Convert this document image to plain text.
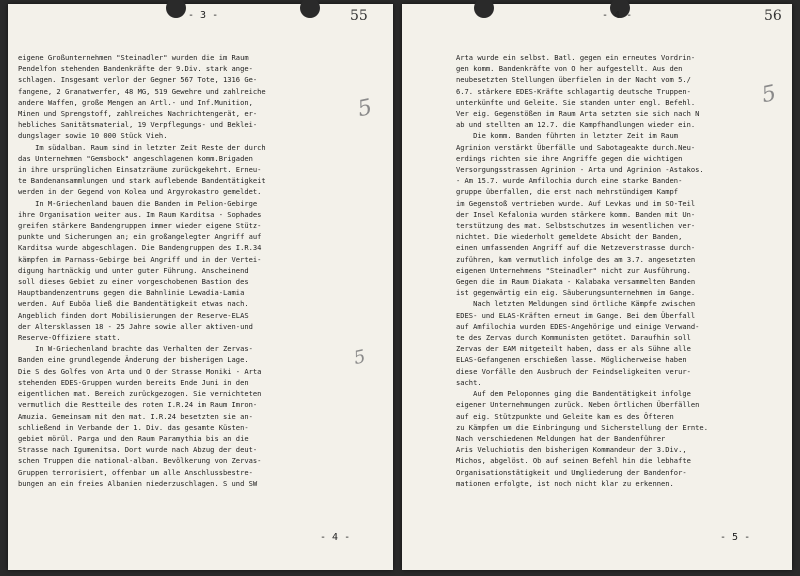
- 3 -	55
5
5

eigene Großunternehmen "Steinadler" wurden die im Raum

Pendelfon stehenden Bandenkräfte der 9.Div. stark ange-

schlagen. Insgesamt verlor der Gegner 567 Tote, 1316 Ge-

fangene, 2 Granatwerfer, 48 MG, 519 Gewehre und zahlreiche

andere Waffen, große Mengen an Artl.- und Inf.Munition,

Minen und Sprengstoff, zahlreiches Nachrichtengerät, er-

hebliches Sanitätsmaterial, 19 Verpflegungs- und Beklei-

dungslager sowie 10 000 Stück Vieh.

Im südalban. Raum sind in letzter Zeit Reste der durch

das Unternehmen "Gemsbock" angeschlagenen komm.Brigaden

in ihre ursprünglichen Einsatzräume zurückgekehrt. Erneu-

te Bandenansammlungen und stark auflebende Bandentätigkeit

werden in der Gegend von Kolea und Argyrokastro gemeldet.

In M-Griechenland bauen die Banden im Pelion-Gebirge

ihre Organisation weiter aus. Im Raum Karditsa - Sophades

greifen stärkere Bandengruppen immer wieder eigene Stütz-

punkte und Sicherungen an; ein großangelegter Angriff auf

Karditsa wurde abgeschlagen. Die Bandengruppen des I.R.34

kämpfen im Parnass-Gebirge bei Angriff und in der Vertei-

digung hartnäckig und unter guter Führung. Anscheinend

soll dieses Gebiet zu einer vorgeschobenen Bastion des

Hauptbandenzentrums gegen die Bahnlinie Lewadia-Lamia

werden. Auf Euböa ließ die Bandentätigkeit etwas nach.

Angeblich finden dort Mobilisierungen der Reserve-ELAS

der Altersklassen 18 - 25 Jahre sowie aller aktiven-und

Reserve-Offiziere statt.

In W-Griechenland brachte das Verhalten der Zervas-

Banden eine grundlegende Änderung der bisherigen Lage.

Die S des Golfes von Arta und O der Strasse Moniki - Arta

stehenden EDES-Gruppen wurden bereits Ende Juni in den

eigentlichen mat. Bereich zurückgezogen. Sie vernichteten

vermutlich die Restteile des roten I.R.24 im Raum Imron-

Amuzia. Gemeinsam mit den mat. I.R.24 besetzten sie an-

schließend in Verbande der 1. Div. das gesamte Küsten-

gebiet mörül. Parga und den Raum Paramythia bis an die

Strasse nach Igumenitsa. Dort wurde nach Abzug der deut-

schen Truppen die national-alban. Bevölkerung von Zervas-

Gruppen terrorisiert, offenbar um alle Anschlussbestre-

bungen an ein freies Albanien niederzuschlagen. S und SW

- 4 -
- 4 -	56
5

Arta wurde ein selbst. Batl. gegen ein erneutes Vordrin-

gen komm. Bandenkräfte von O her aufgestellt. Aus den

neubesetzten Stellungen überfielen in der Nacht vom 5./

6.7. stärkere EDES-Kräfte schlagartig deutsche Truppen-

unterkünfte und Geleite. Sie standen unter engl. Befehl.

Ver eig. Gegenstößen im Raum Arta setzten sie sich nach N

ab und stellten am 12.7. die Kampfhandlungen wieder ein.

Die komm. Banden führten in letzter Zeit im Raum

Agrinion verstärkt Überfälle und Sabotageakte durch.Neu-

erdings richten sie ihre Angriffe gegen die wichtigen

Versorgungsstrassen Agrinion - Arta und Agrinion -Astakos.

- Am 15.7. wurde Amfilochia durch eine starke Banden-

gruppe überfallen, die erst nach mehrstündigem Kampf

im Gegenstoß vertrieben wurde. Auf Levkas und im SO-Teil

der Insel Kefalonia wurden stärkere komm. Banden mit Un-

terstützung des mat. Selbstschutzes im wesentlichen ver-

nichtet. Die wiederholt gemeldete Absicht der Banden,

einen umfassenden Angriff auf die Netzeverstrasse durch-

zuführen, kam vermutlich infolge des am 3.7. angesetzten

eigenen Unternehmens "Steinadler" nicht zur Ausführung.

Gegen die im Raum Diakata - Kalabaka versammelten Banden

ist gegenwärtig ein eig. Säuberungsunternehmen im Gange.

Nach letzten Meldungen sind örtliche Kämpfe zwischen

EDES- und ELAS-Kräften erneut im Gange. Bei dem Überfall

auf Amfilochia wurden EDES-Angehörige und einige Verwand-

te des Zervas durch Kommunisten getötet. Daraufhin soll

Zervas der EAM mitgeteilt haben, dass er als Sühne alle

ELAS-Gefangenen erschießen lasse. Möglicherweise haben

diese Vorfälle den Ausbruch der Feindseligkeiten verur-

sacht.

Auf dem Peloponnes ging die Bandentätigkeit infolge

eigener Unternehmungen zurück. Neben örtlichen Überfällen

auf eig. Stützpunkte und Geleite kam es des Öfteren

zu Kämpfen um die Einbringung und Sicherstellung der Ernte.

Nach verschiedenen Meldungen hat der Bandenführer

Aris Veluchiotis den bisherigen Kommandeur der 3.Div.,

Michos, abgelöst. Ob auf seinen Befehl hin die lebhafte

Organisationstätigkeit und Umgliederung der Bandenfor-

mationen erfolgte, ist noch nicht klar zu erkennen.

- 5 -
